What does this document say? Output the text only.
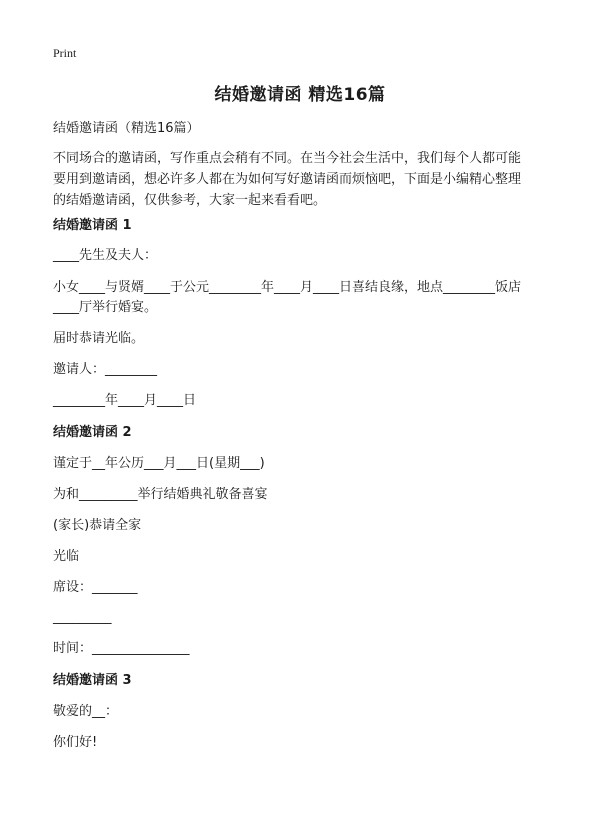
Print
结婚邀请函 精选16篇
结婚邀请函（精选16篇）
不同场合的邀请函，写作重点会稍有不同。在当今社会生活中，我们每个人都可能
要用到邀请函，想必许多人都在为如何写好邀请函而烦恼吧，下面是小编精心整理
的结婚邀请函，仅供参考，大家一起来看看吧。
结婚邀请函 1
____先生及夫人：
小女____与贤婿____于公元________年____月____日喜结良缘，地点________饭店
____厅举行婚宴。
届时恭请光临。
邀请人：________
________年____月____日
结婚邀请函 2
谨定于__年公历___月___日(星期___)
为和_________举行结婚典礼敬备喜宴
(家长)恭请全家
光临
席设：_______
_________
时间：_______________
结婚邀请函 3
敬爱的__：
你们好!
